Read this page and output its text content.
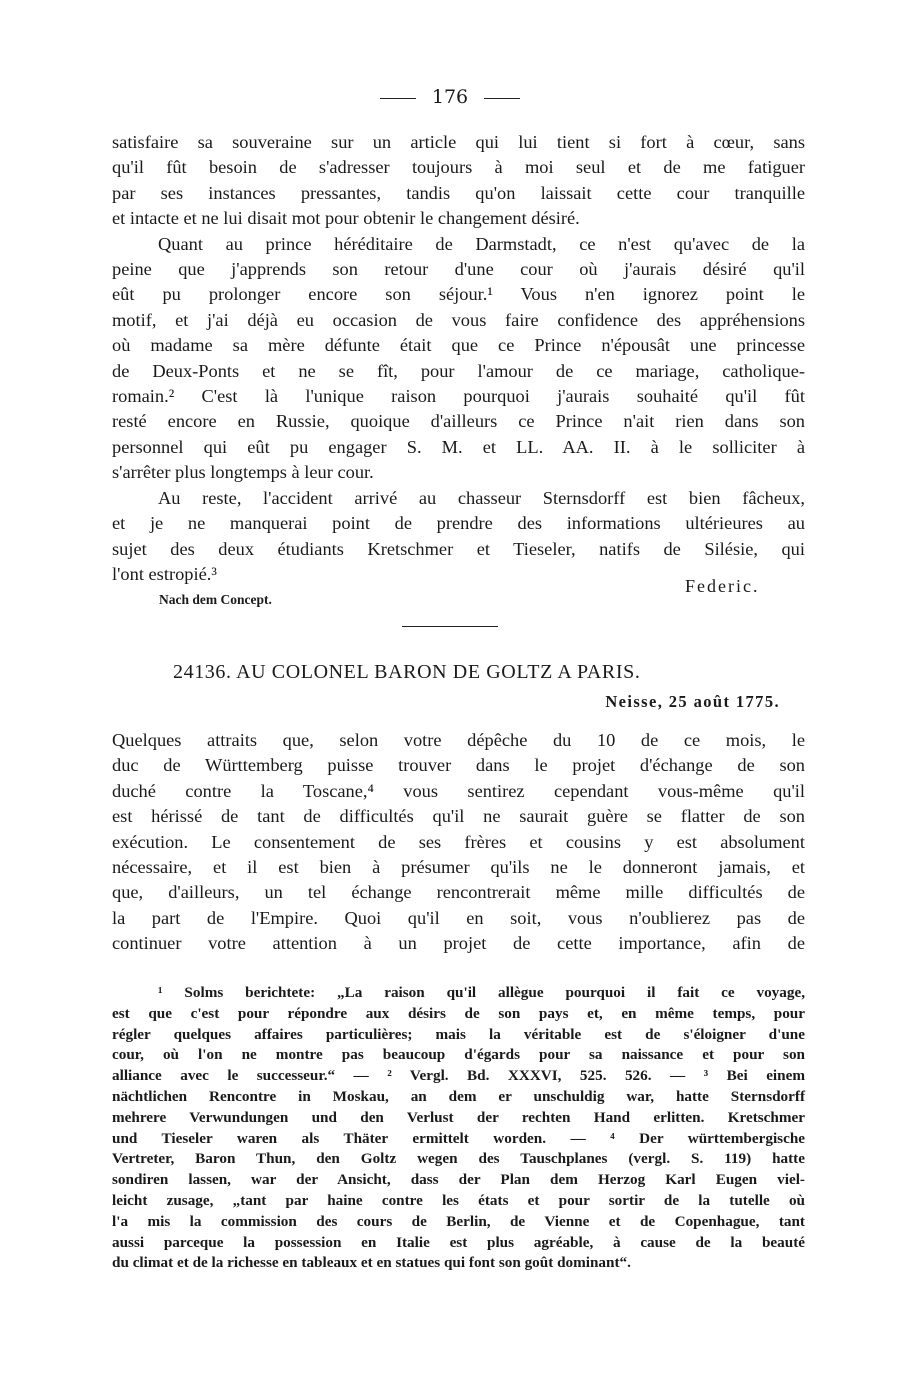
176

satisfaire sa souveraine sur un article qui lui tient si fort à cœur, sans
qu'il fût besoin de s'adresser toujours à moi seul et de me fatiguer
par ses instances pressantes, tandis qu'on laissait cette cour tranquille
et intacte et ne lui disait mot pour obtenir le changement désiré.

Quant au prince héréditaire de Darmstadt, ce n'est qu'avec de la
peine que j'apprends son retour d'une cour où j'aurais désiré qu'il
eût pu prolonger encore son séjour.¹ Vous n'en ignorez point le
motif, et j'ai déjà eu occasion de vous faire confidence des appréhensions
où madame sa mère défunte était que ce Prince n'épousât une princesse
de Deux-Ponts et ne se fît, pour l'amour de ce mariage, catholique-
romain.² C'est là l'unique raison pourquoi j'aurais souhaité qu'il fût
resté encore en Russie, quoique d'ailleurs ce Prince n'ait rien dans son
personnel qui eût pu engager S. M. et LL. AA. II. à le solliciter à
s'arrêter plus longtemps à leur cour.

Au reste, l'accident arrivé au chasseur Sternsdorff est bien fâcheux,
et je ne manquerai point de prendre des informations ultérieures au
sujet des deux étudiants Kretschmer et Tieseler, natifs de Silésie, qui
l'ont estropié.³

Federic.
Nach dem Concept.
24136. AU COLONEL BARON DE GOLTZ A PARIS.
Neisse, 25 août 1775.

Quelques attraits que, selon votre dépêche du 10 de ce mois, le
duc de Württemberg puisse trouver dans le projet d'échange de son
duché contre la Toscane,⁴ vous sentirez cependant vous-même qu'il
est hérissé de tant de difficultés qu'il ne saurait guère se flatter de son
exécution. Le consentement de ses frères et cousins y est absolument
nécessaire, et il est bien à présumer qu'ils ne le donneront jamais, et
que, d'ailleurs, un tel échange rencontrerait même mille difficultés de
la part de l'Empire. Quoi qu'il en soit, vous n'oublierez pas de
continuer votre attention à un projet de cette importance, afin de

¹ Solms berichtete: „La raison qu'il allègue pourquoi il fait ce voyage,
est que c'est pour répondre aux désirs de son pays et, en même temps, pour
régler quelques affaires particulières; mais la véritable est de s'éloigner d'une
cour, où l'on ne montre pas beaucoup d'égards pour sa naissance et pour son
alliance avec le successeur.“ — ² Vergl. Bd. XXXVI, 525. 526. — ³ Bei einem
nächtlichen Rencontre in Moskau, an dem er unschuldig war, hatte Sternsdorff
mehrere Verwundungen und den Verlust der rechten Hand erlitten. Kretschmer
und Tieseler waren als Thäter ermittelt worden. — ⁴ Der württembergische
Vertreter, Baron Thun, den Goltz wegen des Tauschplanes (vergl. S. 119) hatte
sondiren lassen, war der Ansicht, dass der Plan dem Herzog Karl Eugen viel-
leicht zusage, „tant par haine contre les états et pour sortir de la tutelle où
l'a mis la commission des cours de Berlin, de Vienne et de Copenhague, tant
aussi parceque la possession en Italie est plus agréable, à cause de la beauté
du climat et de la richesse en tableaux et en statues qui font son goût dominant“.
